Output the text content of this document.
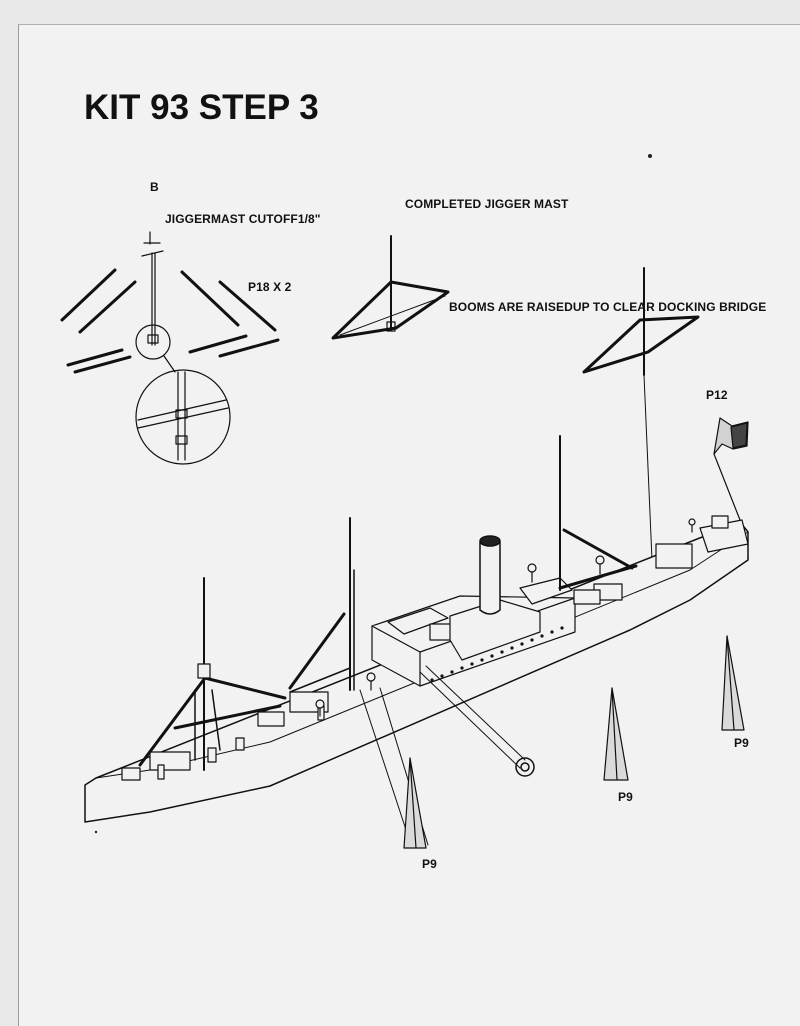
KIT 93 STEP 3
B
JIGGERMAST CUTOFF1/8"
P18 X 2
COMPLETED JIGGER MAST
BOOMS ARE RAISEDUP TO CLEAR DOCKING BRIDGE
P12
P9
P9
P9
